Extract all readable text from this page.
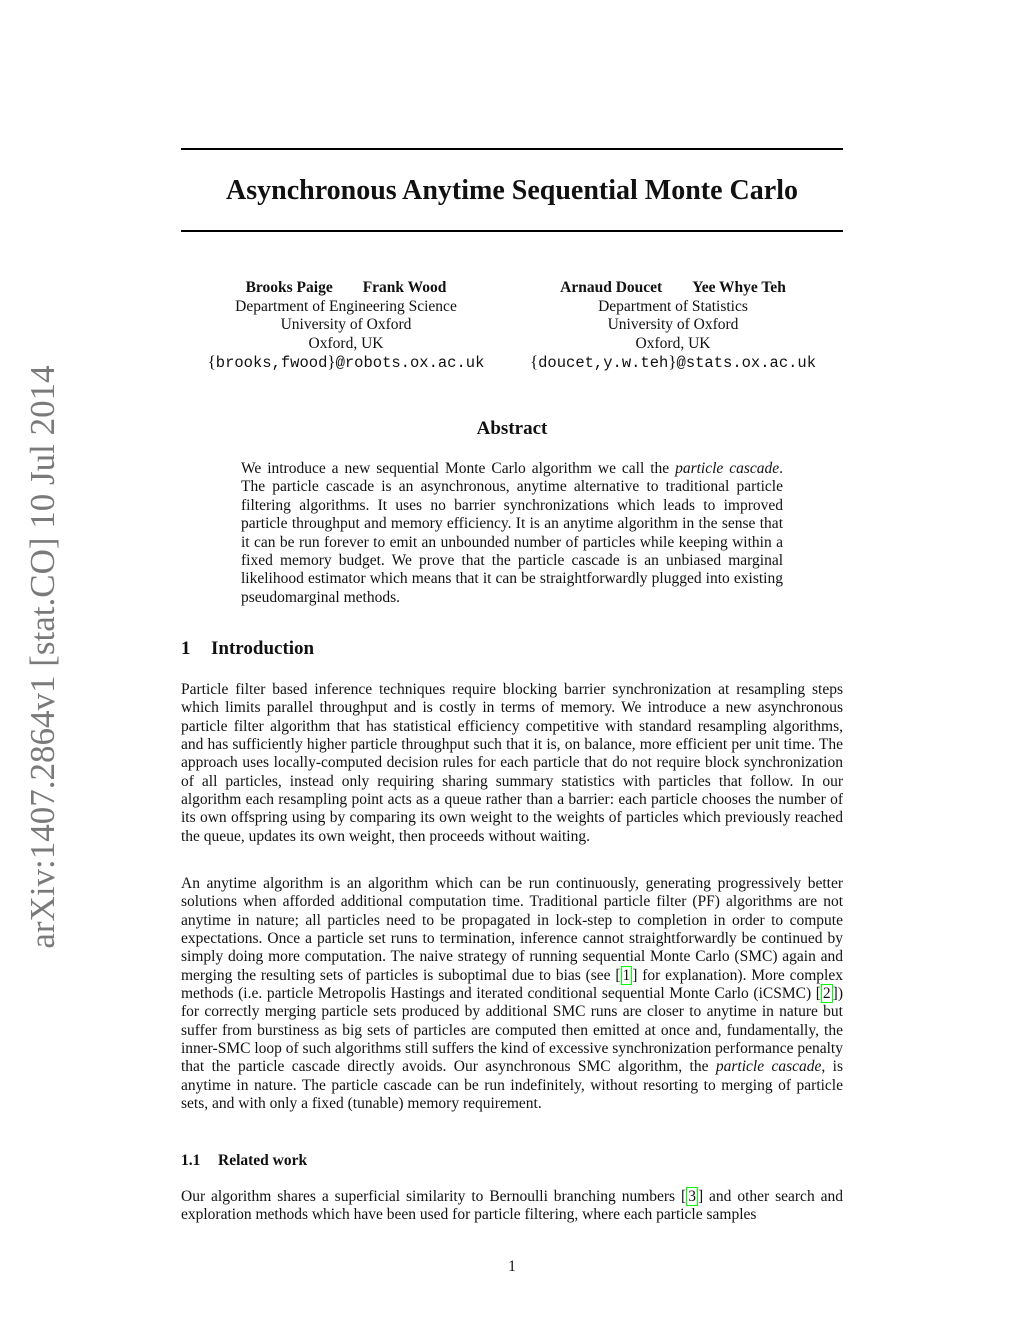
arXiv:1407.2864v1 [stat.CO] 10 Jul 2014
Asynchronous Anytime Sequential Monte Carlo
Brooks Paige Frank Wood
Department of Engineering Science
University of Oxford
Oxford, UK
{brooks,fwood}@robots.ox.ac.uk
Arnaud Doucet Yee Whye Teh
Department of Statistics
University of Oxford
Oxford, UK
{doucet,y.w.teh}@stats.ox.ac.uk
Abstract

We introduce a new sequential Monte Carlo algorithm we call the particle cascade. The particle cascade is an asynchronous, anytime alternative to traditional particle filtering algorithms. It uses no barrier synchronizations which leads to improved particle throughput and memory efficiency. It is an anytime algorithm in the sense that it can be run forever to emit an unbounded number of particles while keeping within a fixed memory budget. We prove that the particle cascade is an unbiased marginal likelihood estimator which means that it can be straightforwardly plugged into existing pseudomarginal methods.

1 Introduction

Particle filter based inference techniques require blocking barrier synchronization at resampling steps which limits parallel throughput and is costly in terms of memory. We introduce a new asynchronous particle filter algorithm that has statistical efficiency competitive with standard resampling algorithms, and has sufficiently higher particle throughput such that it is, on balance, more efficient per unit time. The approach uses locally-computed decision rules for each particle that do not require block synchronization of all particles, instead only requiring sharing summary statistics with particles that follow. In our algorithm each resampling point acts as a queue rather than a barrier: each particle chooses the number of its own offspring using by comparing its own weight to the weights of particles which previously reached the queue, updates its own weight, then proceeds without waiting.

An anytime algorithm is an algorithm which can be run continuously, generating progressively better solutions when afforded additional computation time. Traditional particle filter (PF) algorithms are not anytime in nature; all particles need to be propagated in lock-step to completion in order to compute expectations. Once a particle set runs to termination, inference cannot straightforwardly be continued by simply doing more computation. The naive strategy of running sequential Monte Carlo (SMC) again and merging the resulting sets of particles is suboptimal due to bias (see [ 1 ] for explanation). More complex methods (i.e. particle Metropolis Hastings and iterated conditional sequential Monte Carlo (iCSMC) [ 2 ]) for correctly merging particle sets produced by additional SMC runs are closer to anytime in nature but suffer from burstiness as big sets of particles are computed then emitted at once and, fundamentally, the inner-SMC loop of such algorithms still suffers the kind of excessive synchronization performance penalty that the particle cascade directly avoids. Our asynchronous SMC algorithm, the particle cascade, is anytime in nature. The particle cascade can be run indefinitely, without resorting to merging of particle sets, and with only a fixed (tunable) memory requirement.

1.1 Related work

Our algorithm shares a superficial similarity to Bernoulli branching numbers [ 3 ] and other search and exploration methods which have been used for particle filtering, where each particle samples

1
